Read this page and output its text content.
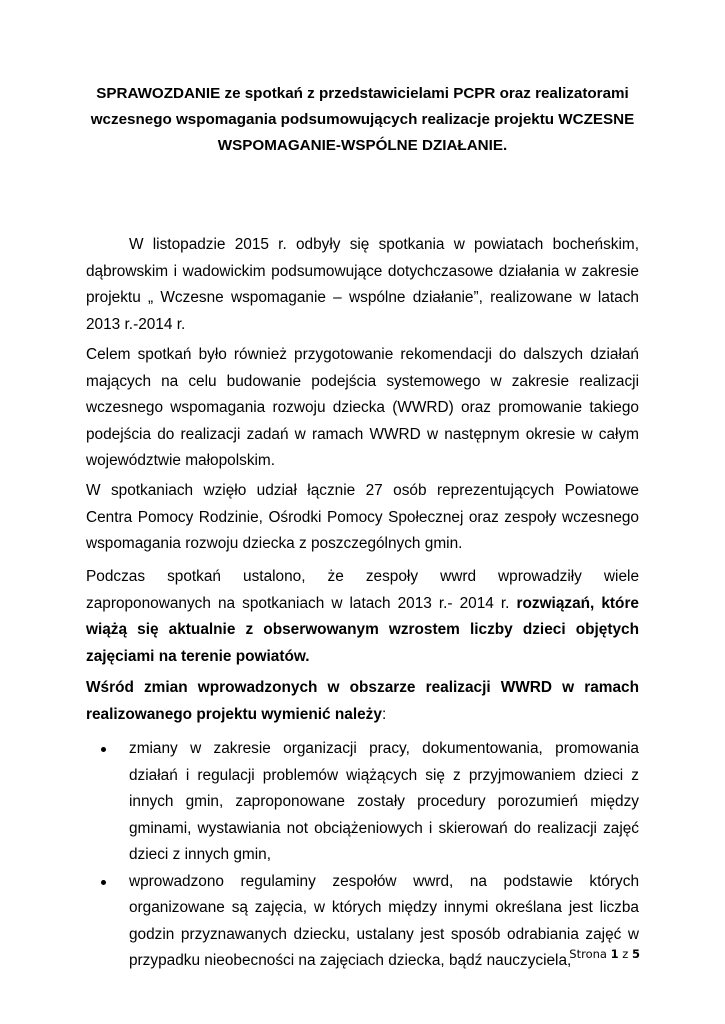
SPRAWOZDANIE ze spotkań z przedstawicielami PCPR oraz realizatorami

wczesnego wspomagania podsumowujących realizacje projektu WCZESNE

WSPOMAGANIE-WSPÓLNE DZIAŁANIE.

W listopadzie 2015 r. odbyły się spotkania w powiatach bocheńskim, dąbrowskim i wadowickim podsumowujące dotychczasowe działania w zakresie projektu „ Wczesne wspomaganie – wspólne działanie”, realizowane w latach 2013 r.-2014 r.

Celem spotkań było również przygotowanie rekomendacji do dalszych działań mających na celu budowanie podejścia systemowego w zakresie realizacji wczesnego wspomagania rozwoju dziecka (WWRD) oraz promowanie takiego podejścia do realizacji zadań w ramach WWRD w następnym okresie w całym województwie małopolskim.

W spotkaniach wzięło udział łącznie 27 osób reprezentujących Powiatowe Centra Pomocy Rodzinie, Ośrodki Pomocy Społecznej oraz zespoły wczesnego wspomagania rozwoju dziecka z poszczególnych gmin.

Podczas spotkań ustalono, że zespoły wwrd wprowadziły wiele zaproponowanych na spotkaniach w latach 2013 r.- 2014 r. rozwiązań, które wiążą się aktualnie z obserwowanym wzrostem liczby dzieci objętych zajęciami na terenie powiatów.

Wśród zmian wprowadzonych w obszarze realizacji WWRD w ramach realizowanego projektu wymienić należy:

zmiany w zakresie organizacji pracy, dokumentowania, promowania działań i regulacji problemów wiążących się z przyjmowaniem dzieci z innych gmin, zaproponowane zostały procedury porozumień między gminami, wystawiania not obciążeniowych i skierowań do realizacji zajęć dzieci z innych gmin,
wprowadzono regulaminy zespołów wwrd, na podstawie których organizowane są zajęcia, w których między innymi określana jest liczba godzin przyznawanych dziecku, ustalany jest sposób odrabiania zajęć w przypadku nieobecności na zajęciach dziecka, bądź nauczyciela,
Strona 1 z 5
